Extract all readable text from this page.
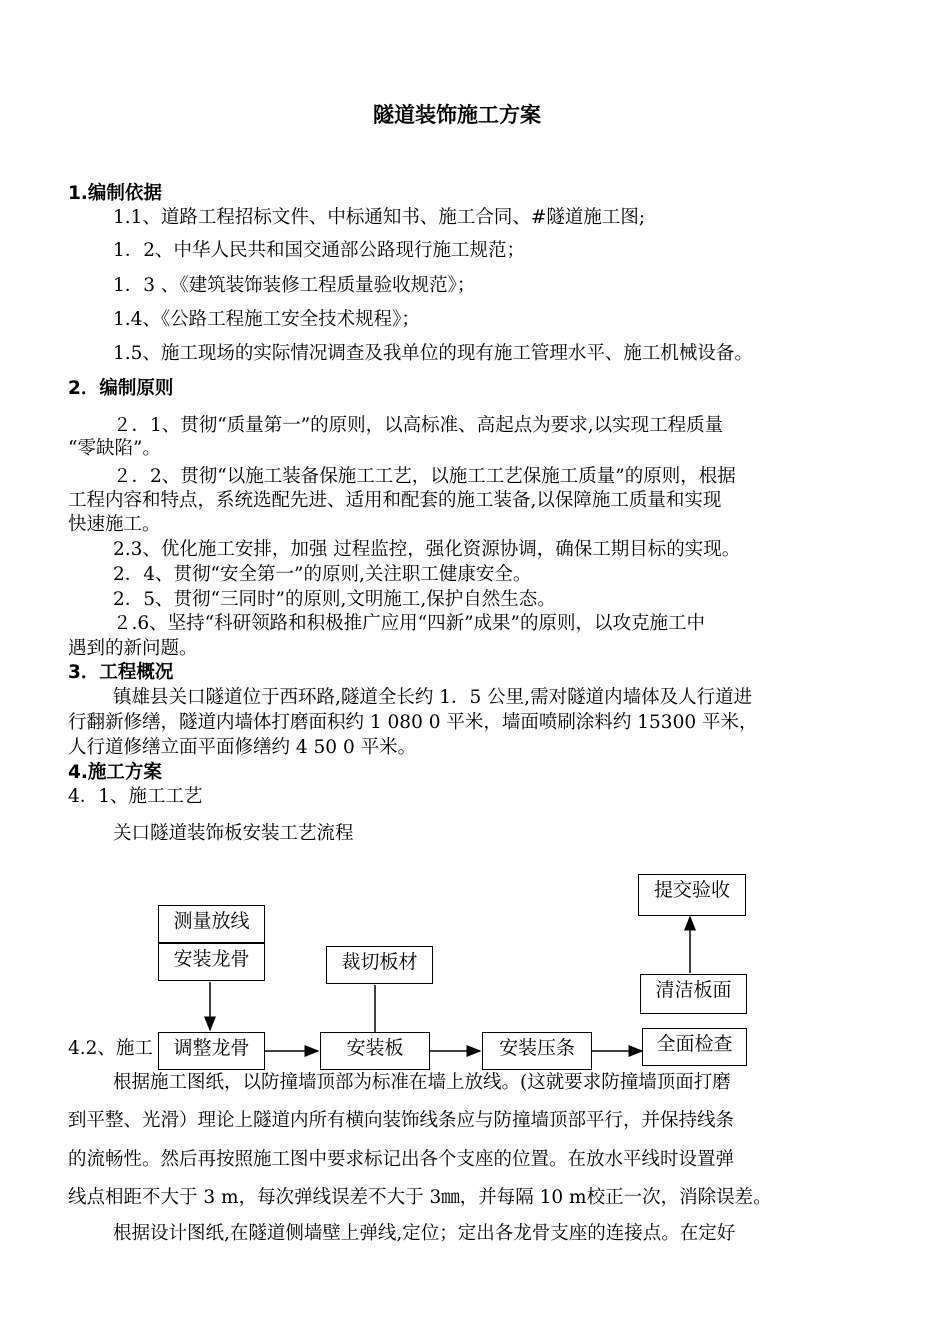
隧道装饰施工方案
1.编制依据
1.1、道路工程招标文件、中标通知书、施工合同、#隧道施工图;
1．2、中华人民共和国交通部公路现行施工规范；
1．3 、《建筑装饰装修工程质量验收规范》；
1.4、《公路工程施工安全技术规程》；
1.5、施工现场的实际情况调查及我单位的现有施工管理水平、施工机械设备。
2．编制原则
２．1、贯彻“质量第一”的原则，以高标准、高起点为要求,以实现工程质量
“零缺陷”。
２．2、贯彻“以施工装备保施工工艺，以施工工艺保施工质量”的原则，根据
工程内容和特点，系统选配先进、适用和配套的施工装备,以保障施工质量和实现
快速施工。
2.3、优化施工安排，加强 过程监控，强化资源协调，确保工期目标的实现。
2．4、贯彻“安全第一”的原则,关注职工健康安全。
2．5、贯彻“三同时”的原则,文明施工,保护自然生态。
２.6、坚持“科研领路和积极推广应用“四新”成果”的原则，以攻克施工中
遇到的新问题。
3．工程概况
镇雄县关口隧道位于西环路,隧道全长约 1．5 公里,需对隧道内墙体及人行道进
行翻新修缮，隧道内墙体打磨面积约 1 080 0 平米，墙面喷刷涂料约 15300 平米，
人行道修缮立面平面修缮约 4 50 0 平米。
4.施工方案
4．1、施工工艺
关口隧道装饰板安装工艺流程
4.2、施工
测量放线
安装龙骨	裁切板材
调整龙骨	安装板	安装压条	全面检查
清洁板面
提交验收
根据施工图纸，以防撞墙顶部为标准在墙上放线。(这就要求防撞墙顶面打磨
到平整、光滑）理论上隧道内所有横向装饰线条应与防撞墙顶部平行，并保持线条
的流畅性。然后再按照施工图中要求标记出各个支座的位置。在放水平线时设置弹
线点相距不大于 3 m，每次弹线误差不大于 3㎜，并每隔 10 m校正一次，消除误差。
根据设计图纸,在隧道侧墙壁上弹线,定位；定出各龙骨支座的连接点。在定好
